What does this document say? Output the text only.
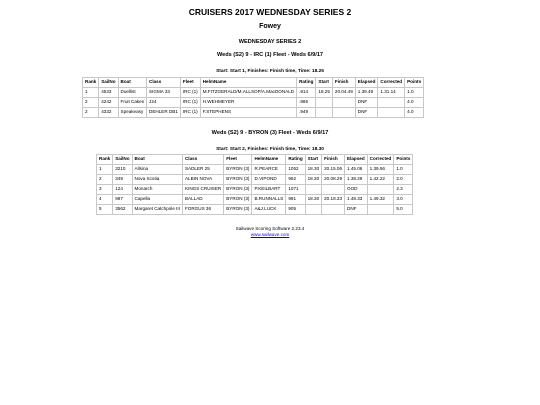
CRUISERS 2017 WEDNESDAY SERIES 2
Fowey
WEDNESDAY SERIES 2
Weds (S2) 9 - IRC (1) Fleet - Weds 6/9/17
Start: Start 1, Finishes: Finish time, Time: 18.25
Rank	SailNo	Boat	Class	Fleet	HelmName	Rating	Start	Finish	Elapsed	Corrected	Points
1	4533	Duellist	SIGMA 33	IRC (1)	M.FITZGERALD/M.ALLSOP/A.MacDONALD	.914	18.25	20.04.49	1.39.49	1.31.14	1.0
2	4242	Fruit Cakes	J24	IRC (1)	H.WEHMEYER	.886			DNF		4.0
2	4332	Speakeasy	DEHLER DB1	IRC (1)	F.STEPHENS	.949			DNF		4.0
Weds (S2) 9 - BYRON (3) Fleet - Weds 6/9/17
Start: Start 2, Finishes: Finish time, Time: 18.30
Rank	SailNo	Boat	Class	Fleet	HelmName	Rating	Start	Finish	Elapsed	Corrected	Points
1	3210	Allsina	SADLER 25	BYRON (3)	R.PEARCE	1052	18.30	20.15.06	1.45.06	1.39.56	1.0
2	349	Nova Scotia	ALBIN NOVA	BYRON (3)	D.VIPOND	962	18.30	20.08.29	1.38.29	1.42.22	2.0
3	124	Monarch	KINGS CRUISER	BYRON (3)	P.KEILBART	1071			OOD		2.3
4	987	Capella	BALLAD	BYRON (3)	B.RUNNALLS	991	18.30	20.18.33	1.48.33	1.49.32	3.0
5	3562	Margaret Catchpole III	FORGUS 36	BYRON (3)	A&J.LUCK	905			DNF		5.0
Sailwave Scoring Software 2.23.4
www.sailwave.com
